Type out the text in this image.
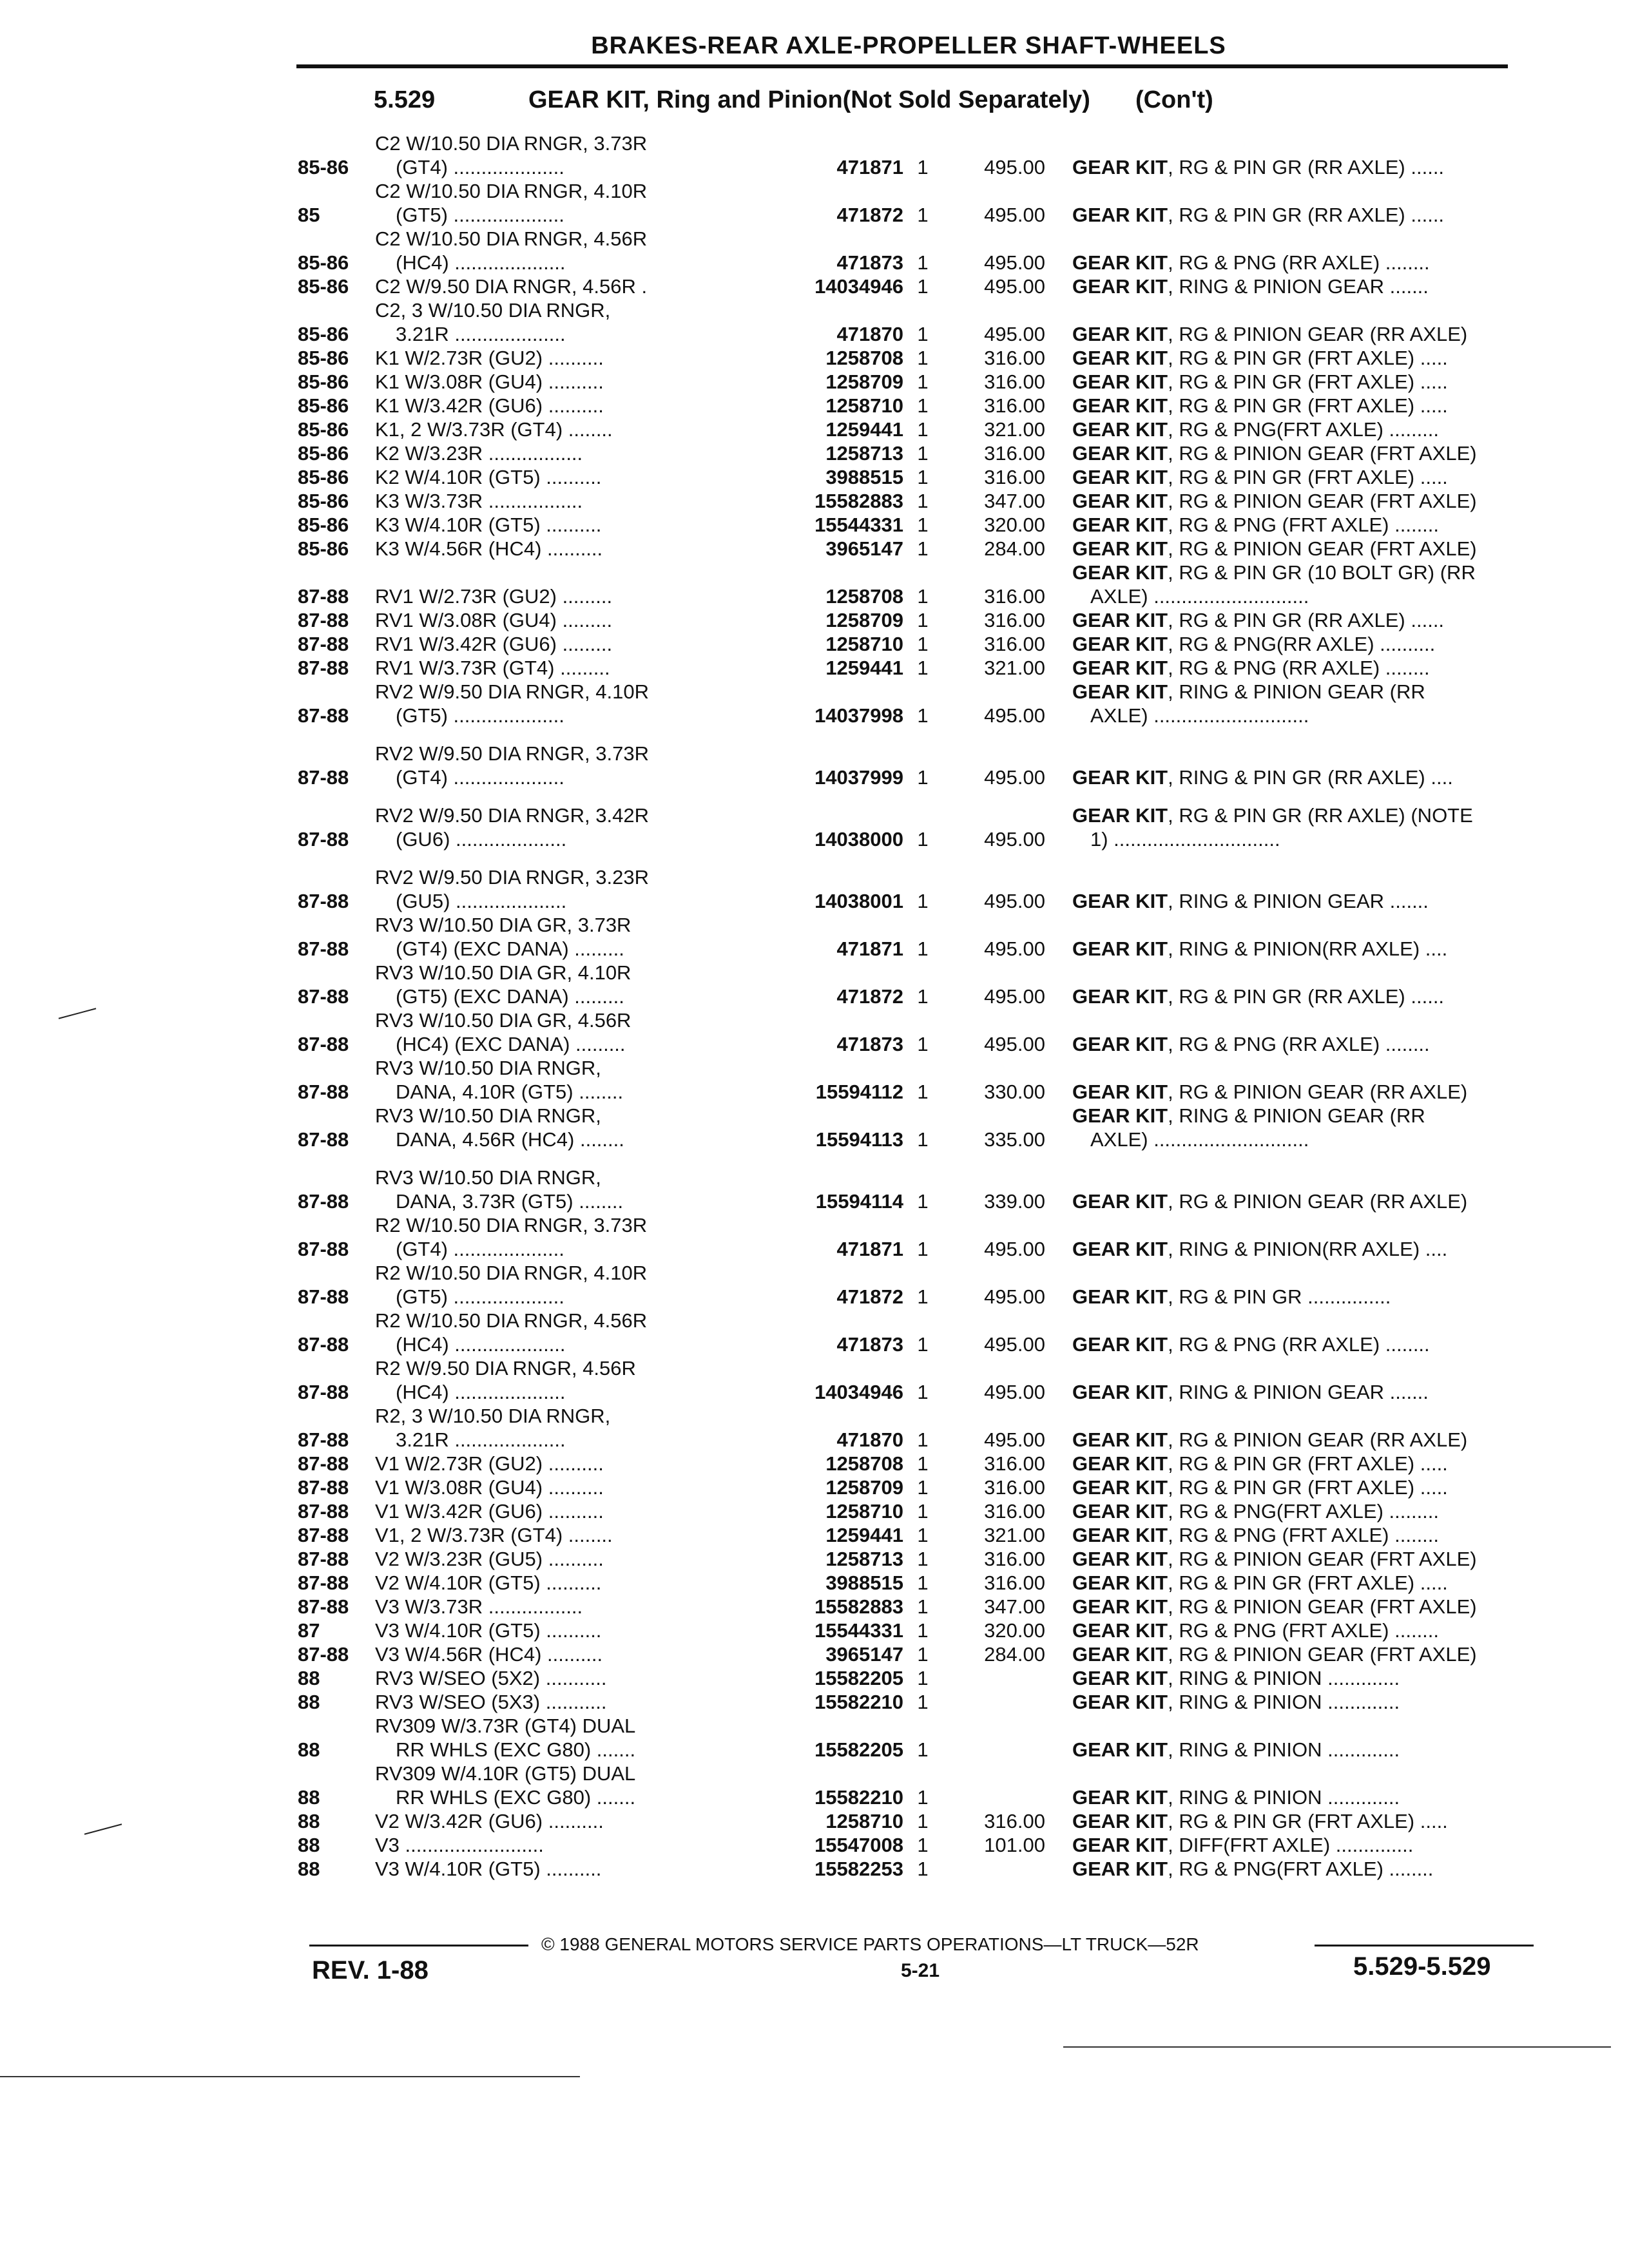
BRAKES-REAR AXLE-PROPELLER SHAFT-WHEELS
5.529	GEAR KIT, Ring and Pinion(Not Sold Separately) (Con't)
85-86
C2 W/10.50 DIA RNGR, 3.73R
(GT4) ....................	471871 1	495.00 GEAR KIT, RG & PIN GR (RR AXLE) ......
85
C2 W/10.50 DIA RNGR, 4.10R
(GT5) ....................	471872 1	495.00 GEAR KIT, RG & PIN GR (RR AXLE) ......
85-86
C2 W/10.50 DIA RNGR, 4.56R
(HC4) ....................	471873 1	495.00 GEAR KIT, RG & PNG (RR AXLE) ........
85-86	C2 W/9.50 DIA RNGR, 4.56R .	14034946 1	495.00 GEAR KIT, RING & PINION GEAR .......
85-86
C2, 3 W/10.50 DIA RNGR,
3.21R ....................	471870 1	495.00 GEAR KIT, RG & PINION GEAR (RR AXLE)
85-86	K1 W/2.73R (GU2) ..........	1258708 1	316.00 GEAR KIT, RG & PIN GR (FRT AXLE) .....
85-86	K1 W/3.08R (GU4) ..........	1258709 1	316.00 GEAR KIT, RG & PIN GR (FRT AXLE) .....
85-86	K1 W/3.42R (GU6) ..........	1258710 1	316.00 GEAR KIT, RG & PIN GR (FRT AXLE) .....
85-86	K1, 2 W/3.73R (GT4) ........	1259441 1	321.00 GEAR KIT, RG & PNG(FRT AXLE) .........
85-86	K2 W/3.23R .................	1258713 1	316.00 GEAR KIT, RG & PINION GEAR (FRT AXLE)
85-86	K2 W/4.10R (GT5) ..........	3988515 1	316.00 GEAR KIT, RG & PIN GR (FRT AXLE) .....
85-86	K3 W/3.73R .................	15582883 1	347.00 GEAR KIT, RG & PINION GEAR (FRT AXLE)
85-86	K3 W/4.10R (GT5) ..........	15544331 1	320.00 GEAR KIT, RG & PNG (FRT AXLE) ........
85-86	K3 W/4.56R (HC4) ..........	3965147 1	284.00 GEAR KIT, RG & PINION GEAR (FRT AXLE)
87-88	RV1 W/2.73R (GU2) .........	1258708 1	316.00
GEAR KIT, RG & PIN GR (10 BOLT GR) (RR
AXLE) ............................
87-88	RV1 W/3.08R (GU4) .........	1258709 1	316.00 GEAR KIT, RG & PIN GR (RR AXLE) ......
87-88	RV1 W/3.42R (GU6) .........	1258710 1	316.00 GEAR KIT, RG & PNG(RR AXLE) ..........
87-88	RV1 W/3.73R (GT4) .........	1259441 1	321.00 GEAR KIT, RG & PNG (RR AXLE) ........
87-88
RV2 W/9.50 DIA RNGR, 4.10R
(GT5) ....................	14037998 1	495.00
GEAR KIT, RING & PINION GEAR (RR
AXLE) ............................
87-88
RV2 W/9.50 DIA RNGR, 3.73R
(GT4) ....................	14037999 1	495.00 GEAR KIT, RING & PIN GR (RR AXLE) ....
87-88
RV2 W/9.50 DIA RNGR, 3.42R
(GU6) ....................	14038000 1	495.00
GEAR KIT, RG & PIN GR (RR AXLE) (NOTE
1) ..............................
87-88
RV2 W/9.50 DIA RNGR, 3.23R
(GU5) ....................	14038001 1	495.00 GEAR KIT, RING & PINION GEAR .......
87-88
RV3 W/10.50 DIA GR, 3.73R
(GT4) (EXC DANA) .........	471871 1	495.00 GEAR KIT, RING & PINION(RR AXLE) ....
87-88
RV3 W/10.50 DIA GR, 4.10R
(GT5) (EXC DANA) .........	471872 1	495.00 GEAR KIT, RG & PIN GR (RR AXLE) ......
87-88
RV3 W/10.50 DIA GR, 4.56R
(HC4) (EXC DANA) .........	471873 1	495.00 GEAR KIT, RG & PNG (RR AXLE) ........
87-88
RV3 W/10.50 DIA RNGR,
DANA, 4.10R (GT5) ........	15594112 1	330.00 GEAR KIT, RG & PINION GEAR (RR AXLE)
87-88
RV3 W/10.50 DIA RNGR,
DANA, 4.56R (HC4) ........	15594113 1	335.00
GEAR KIT, RING & PINION GEAR (RR
AXLE) ............................
87-88
RV3 W/10.50 DIA RNGR,
DANA, 3.73R (GT5) ........	15594114 1	339.00 GEAR KIT, RG & PINION GEAR (RR AXLE)
87-88
R2 W/10.50 DIA RNGR, 3.73R
(GT4) ....................	471871 1	495.00 GEAR KIT, RING & PINION(RR AXLE) ....
87-88
R2 W/10.50 DIA RNGR, 4.10R
(GT5) ....................	471872 1	495.00 GEAR KIT, RG & PIN GR ...............
87-88
R2 W/10.50 DIA RNGR, 4.56R
(HC4) ....................	471873 1	495.00 GEAR KIT, RG & PNG (RR AXLE) ........
87-88
R2 W/9.50 DIA RNGR, 4.56R
(HC4) ....................	14034946 1	495.00 GEAR KIT, RING & PINION GEAR .......
87-88
R2, 3 W/10.50 DIA RNGR,
3.21R ....................	471870 1	495.00 GEAR KIT, RG & PINION GEAR (RR AXLE)
87-88	V1 W/2.73R (GU2) ..........	1258708 1	316.00 GEAR KIT, RG & PIN GR (FRT AXLE) .....
87-88	V1 W/3.08R (GU4) ..........	1258709 1	316.00 GEAR KIT, RG & PIN GR (FRT AXLE) .....
87-88	V1 W/3.42R (GU6) ..........	1258710 1	316.00 GEAR KIT, RG & PNG(FRT AXLE) .........
87-88	V1, 2 W/3.73R (GT4) ........	1259441 1	321.00 GEAR KIT, RG & PNG (FRT AXLE) ........
87-88	V2 W/3.23R (GU5) ..........	1258713 1	316.00 GEAR KIT, RG & PINION GEAR (FRT AXLE)
87-88	V2 W/4.10R (GT5) ..........	3988515 1	316.00 GEAR KIT, RG & PIN GR (FRT AXLE) .....
87-88	V3 W/3.73R .................	15582883 1	347.00 GEAR KIT, RG & PINION GEAR (FRT AXLE)
87	V3 W/4.10R (GT5) ..........	15544331 1	320.00 GEAR KIT, RG & PNG (FRT AXLE) ........
87-88	V3 W/4.56R (HC4) ..........	3965147 1	284.00 GEAR KIT, RG & PINION GEAR (FRT AXLE)
88	RV3 W/SEO (5X2) ...........	15582205 1	GEAR KIT, RING & PINION .............
88	RV3 W/SEO (5X3) ...........	15582210 1	GEAR KIT, RING & PINION .............
88
RV309 W/3.73R (GT4) DUAL
RR WHLS (EXC G80) .......	15582205 1	GEAR KIT, RING & PINION .............
88
RV309 W/4.10R (GT5) DUAL
RR WHLS (EXC G80) .......	15582210 1	GEAR KIT, RING & PINION .............
88	V2 W/3.42R (GU6) ..........	1258710 1	316.00 GEAR KIT, RG & PIN GR (FRT AXLE) .....
88	V3 .........................	15547008 1	101.00 GEAR KIT, DIFF(FRT AXLE) ..............
88	V3 W/4.10R (GT5) ..........	15582253 1	GEAR KIT, RG & PNG(FRT AXLE) ........
© 1988 GENERAL MOTORS SERVICE PARTS OPERATIONS—LT TRUCK—52R
REV. 1-88	5-21	5.529-5.529
